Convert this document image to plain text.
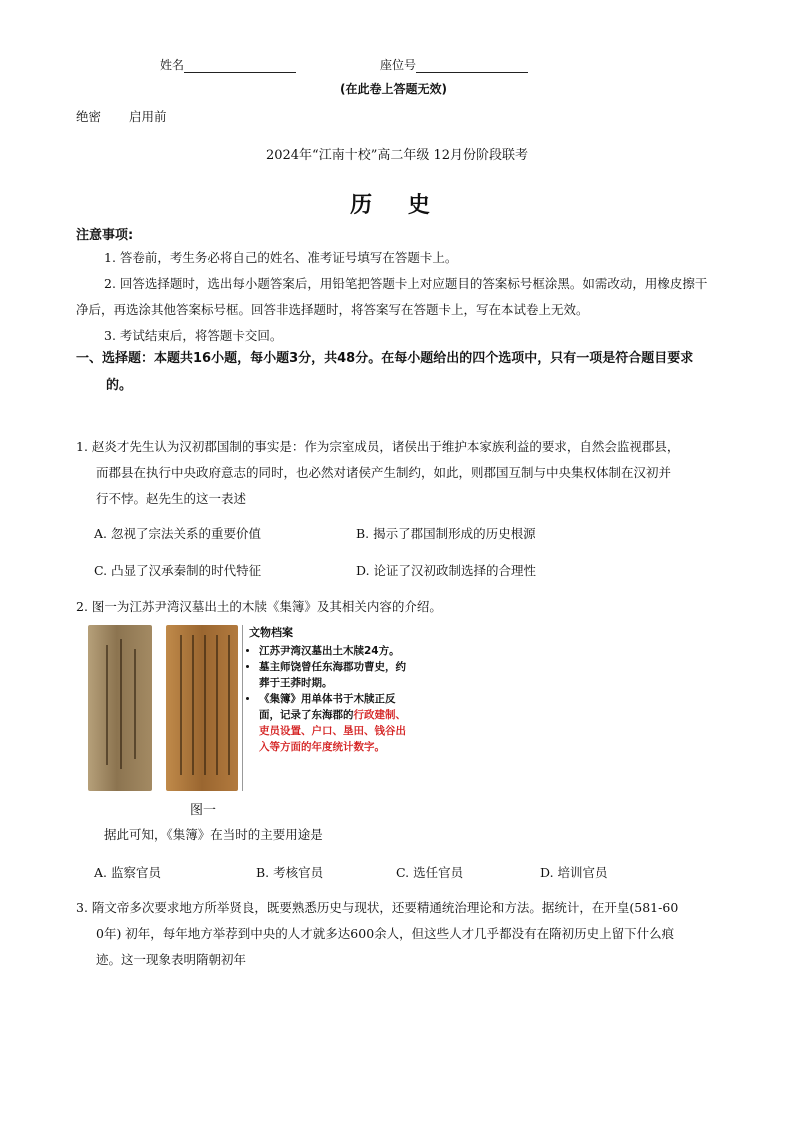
姓名	座位号
(在此卷上答题无效)
绝密 启用前
2024年“江南十校”高二年级 12月份阶段联考
历 史
注意事项:
1. 答卷前，考生务必将自己的姓名、准考证号填写在答题卡上。
2. 回答选择题时，选出每小题答案后，用铅笔把答题卡上对应题目的答案标号框涂黑。如需改动，用橡皮擦干净后，再选涂其他答案标号框。回答非选择题时，将答案写在答题卡上，写在本试卷上无效。
3. 考试结束后，将答题卡交回。
一、选择题：本题共16小题，每小题3分，共48分。在每小题给出的四个选项中，只有一项是符合题目要求
的。
1. 赵炎才先生认为汉初郡国制的事实是：作为宗室成员，诸侯出于维护本家族利益的要求，自然会监视郡县，
而郡县在执行中央政府意志的同时，也必然对诸侯产生制约，如此，则郡国互制与中央集权体制在汉初并
行不悖。赵先生的这一表述
A. 忽视了宗法关系的重要价值	B. 揭示了郡国制形成的历史根源
C. 凸显了汉承秦制的时代特征	D. 论证了汉初政制选择的合理性
2. 图一为江苏尹湾汉墓出土的木牍《集簿》及其相关内容的介绍。
文物档案
• 江苏尹湾汉墓出土木牍24方。
• 墓主师饶曾任东海郡功曹史，约葬于王莽时期。
• 《集簿》用单体书于木牍正反面，记录了东海郡的行政建制、吏员设置、户口、垦田、钱谷出入等方面的年度统计数字。
图一
据此可知，《集簿》在当时的主要用途是
A. 监察官员	B. 考核官员	C. 选任官员	D. 培训官员
3. 隋文帝多次要求地方所举贤良，既要熟悉历史与现状，还要精通统治理论和方法。据统计，在开皇(581-60
0年) 初年，每年地方举荐到中央的人才就多达600余人，但这些人才几乎都没有在隋初历史上留下什么痕
迹。这一现象表明隋朝初年
